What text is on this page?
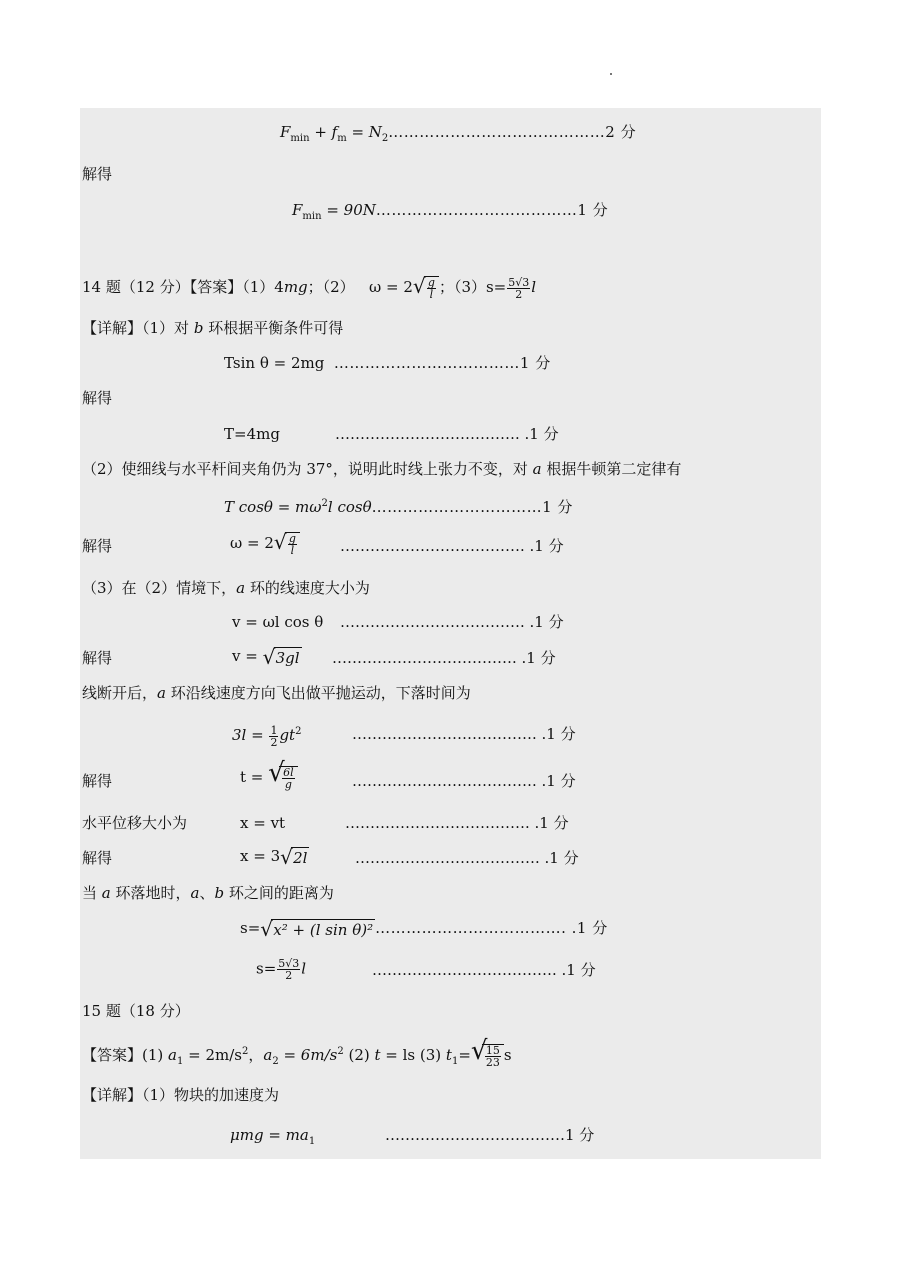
$F_{min} + f_m$ = $N_2\dots\dots\dots\dots\dots\dots\dots\dots\dots\dots\dots\dots\dots\dots 2$ 分
解得
$F_{min}$ = 90N…………………………………1 分
14 题（12 分）【答案】（1）4mg；（2） ω = 2 √ $\frac{g}{l}$ ；$(3)s= \frac{5√3}{2}$ l
【详解】（1）对 b 环根据平衡条件可得
Tsin θ = 2mg ………………………………1 分
解得
T=4mg	………………………………. .1 分
（2）使细线与水平杆间夹角仍为 37°，说明此时线上张力不变，对 a 根据牛顿第二定律有
T $\cos\theta = m\omega^2l$ cosθ……………………………1 分
解得	ω = 2 √ $\frac{g}{l}$	………………………………. .1 分
（3）在（2）情境下，a 环的线速度大小为
v = ωl cos θ ………………………………. .1 分
解得	v = √ 3gl ………………………………. .1 分
线断开后，a 环沿线速度方向飞出做平抛运动，下落时间为
$3l = \frac{1}{2} gt^2$	………………………………. .1 分
解得	t = √
$\frac{6l}{g}$	………………………………. .1 分
水平位移大小为	x = vt	………………………………. .1 分
解得	x = 3 √ 2l	………………………………. .1 分
当 a 环落地时，a、b 环之间的距离为
s= √ x² + (l sin θ)² ………………………………. .1 分
$s= \frac{5√3}{2}$ l	………………………………. .1 分
15 题（18 分）
【答案】(1) $a_1 = 2m/s^2$，$a_2 = 6m/s^2$ (2) t = ls (3) $t_1=$ √
$\frac{15}{23}$ s
【详解】（1）物块的加速度为
$\mu mg = ma_1$	………………………………1 分
